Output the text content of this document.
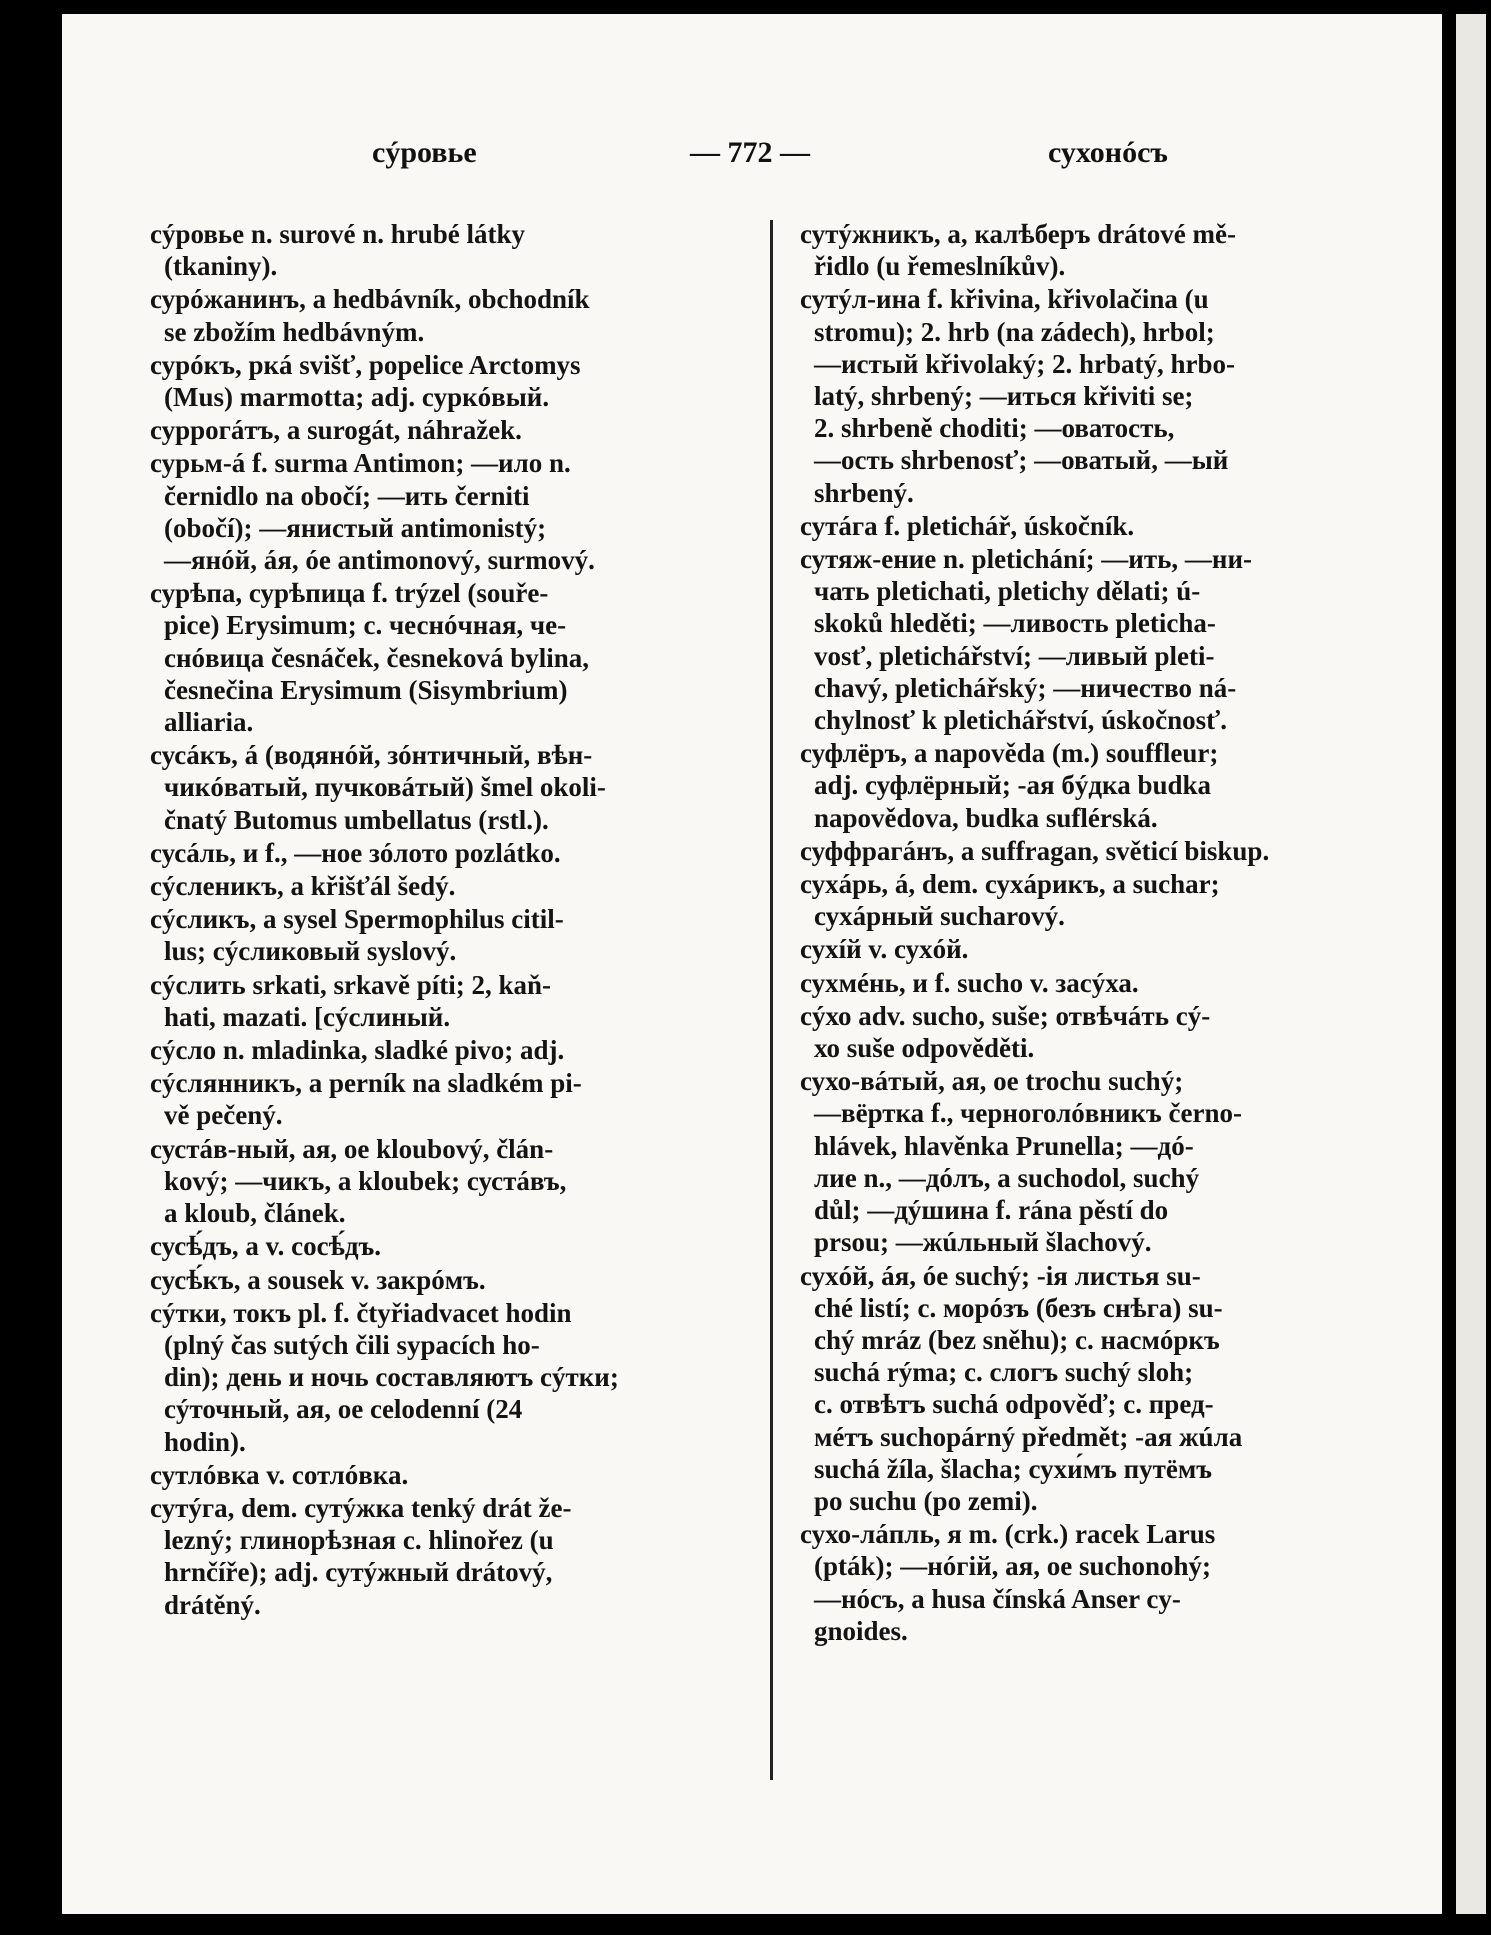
сýровье	— 772 —	сухонóсъ
сýровье n. surové n. hrubé látky
(tkaniny).
сурóжанинъ, a hedbávník, obchodník
se zbožím hedbávným.
сурóкъ, ркá svišť, popelice Arctomys
(Mus) marmotta; adj. суркóвый.
суррогáтъ, a surogát, náhražek.
сурьм-á f. surma Antimon; —ило n.
černidlo na obočí; —ить černiti
(obočí); —янистый antimonistý;
—янóй, áя, óе antimonový, surmový.
сурѣпа, сурѣпица f. trýzel (souře-
pice) Erysimum; c. чеснóчная, че-
снóвица česnáček, česneková bylina,
česnečina Erysimum (Sisymbrium)
alliaria.
сусáкъ, á (водянóй, зóнтичный, вѣн-
чикóватый, пучковáтый) šmel okoli-
čnatý Butomus umbellatus (rstl.).
сусáль, и f., —ное зóлото pozlátko.
сýсленикъ, a křišťál šedý.
сýсликъ, a sysel Spermophilus citil-
lus; сýсликовый syslový.
сýслить srkati, srkavě píti; 2, kaň-
hati, mazati. [сýслиный.
сýсло n. mladinka, sladké pivo; adj.
сýслянникъ, a perník na sladkém pi-
vě pečený.
сустáв-ный, ая, ое kloubový, člán-
kový; —чикъ, a kloubek; сустáвъ,
a kloub, článek.
сусѣ́дъ, a v. сосѣ́дъ.
сусѣ́къ, a sousek v. закрóмъ.
сýтки, токъ pl. f. čtyřiadvacet hodin
(plný čas sutých čili sypacích ho-
din); день и ночь составляютъ сýтки;
сýточный, ая, ое celodenní (24
hodin).
сутлóвка v. сотлóвка.
сутýга, dem. сутýжка tenký drát že-
lezný; глинорѣзная c. hlinořez (u
hrnčíře); adj. сутýжный drátový,
drátěný.
сутýжникъ, a, калѣберъ drátové mě-
řidlo (u řemeslníkův).
сутýл-ина f. křivina, křivolačina (u
stromu); 2. hrb (na zádech), hrbol;
—истый křivolaký; 2. hrbatý, hrbo-
latý, shrbený; —иться křiviti se;
2. shrbeně choditi; —оватость,
—ость shrbenosť; —оватый, —ый
shrbený.
сутáга f. pletichář, úskočník.
сутяж-ение n. pletichání; —ить, —ни-
чать pletichati, pletichy dělati; ú-
skoků hleděti; —ливость pleticha-
vosť, pletichářství; —ливый pleti-
chavý, pletichářský; —ничество ná-
chylnosť k pletichářství, úskočnosť.
суфлёръ, a napověda (m.) souffleur;
adj. суфлёрный; -ая бýдка budka
napovědova, budka suflérská.
суффрагáнъ, a suffragan, světicí biskup.
сухáрь, á, dem. сухáрикъ, a suchar;
сухáрный sucharový.
сухíй v. сухóй.
сухмéнь, и f. sucho v. засýха.
сýхо adv. sucho, suše; отвѣчáть сý-
хо suše odpověděti.
сухо-вáтый, ая, ое trochu suchý;
—вёртка f., черноголóвникъ černo-
hlávek, hlavěnka Prunella; —дó-
лие n., —дóлъ, a suchodol, suchý
důl; —дýшина f. rána pěstí do
prsou; —жúльный šlachový.
сухóй, áя, óе suchý; -ія листья su-
ché listí; c. морóзъ (безъ снѣга) su-
chý mráz (bez sněhu); c. насмóркъ
suchá rýma; c. слогъ suchý sloh;
c. отвѣтъ suchá odpověď; c. пред-
мéтъ suchopárný předmět; -ая жúла
suchá žíla, šlacha; сухи́мъ путёмъ
po suchu (po zemi).
сухо-лáпль, я m. (crk.) racek Larus
(pták); —нóгій, ая, ое suchonohý;
—нóсъ, a husa čínská Anser cy-
gnoides.
